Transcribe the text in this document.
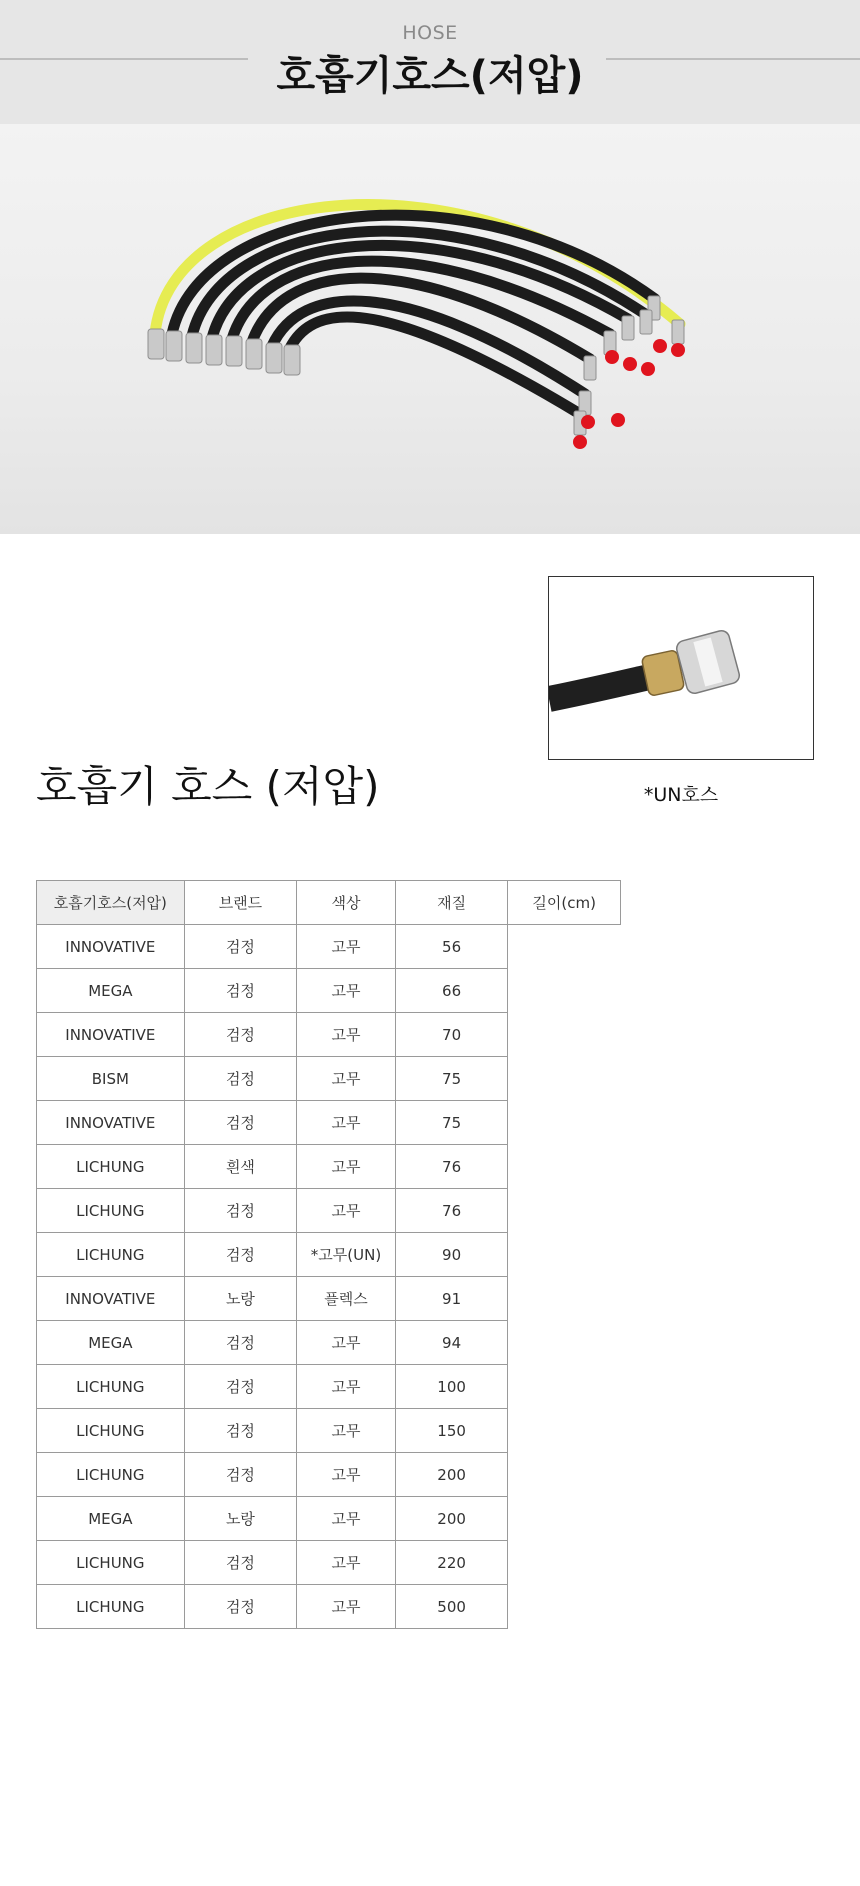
HOSE
호흡기호스(저압)
*UN호스
호흡기 호스 (저압)
호흡기호스(저압)	브랜드	색상	재질	길이(cm)
INNOVATIVE	검정	고무	56	
MEGA	검정	고무	66	
INNOVATIVE	검정	고무	70	
BISM	검정	고무	75	
INNOVATIVE	검정	고무	75	
LICHUNG	흰색	고무	76	
LICHUNG	검정	고무	76	
LICHUNG	검정	*고무(UN)	90	
INNOVATIVE	노랑	플렉스	91	
MEGA	검정	고무	94	
LICHUNG	검정	고무	100	
LICHUNG	검정	고무	150	
LICHUNG	검정	고무	200	
MEGA	노랑	고무	200	
LICHUNG	검정	고무	220	
LICHUNG	검정	고무	500	
